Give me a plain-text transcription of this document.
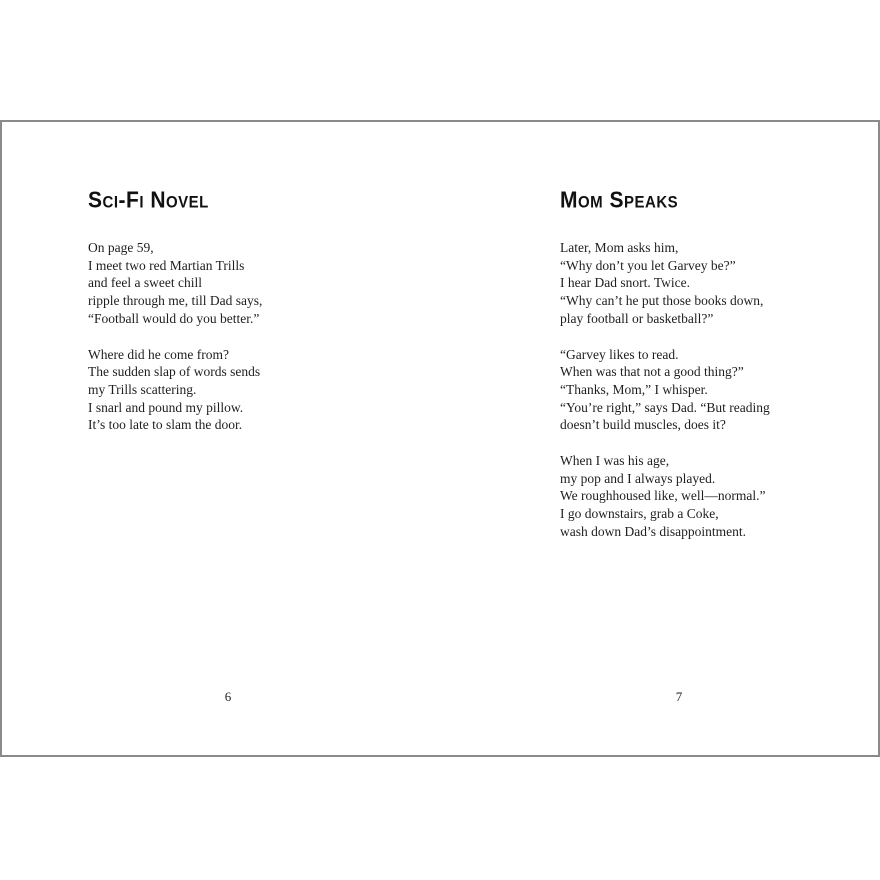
Sci-Fi Novel
On page 59,
I meet two red Martian Trills
and feel a sweet chill
ripple through me, till Dad says,
“Football would do you better.”
Where did he come from?
The sudden slap of words sends
my Trills scattering.
I snarl and pound my pillow.
It’s too late to slam the door.
Mom Speaks
Later, Mom asks him,
“Why don’t you let Garvey be?”
I hear Dad snort. Twice.
“Why can’t he put those books down,
play football or basketball?”
“Garvey likes to read.
When was that not a good thing?”
“Thanks, Mom,” I whisper.
“You’re right,” says Dad. “But reading
doesn’t build muscles, does it?
When I was his age,
my pop and I always played.
We roughhoused like, well—normal.”
I go downstairs, grab a Coke,
wash down Dad’s disappointment.
6	7
